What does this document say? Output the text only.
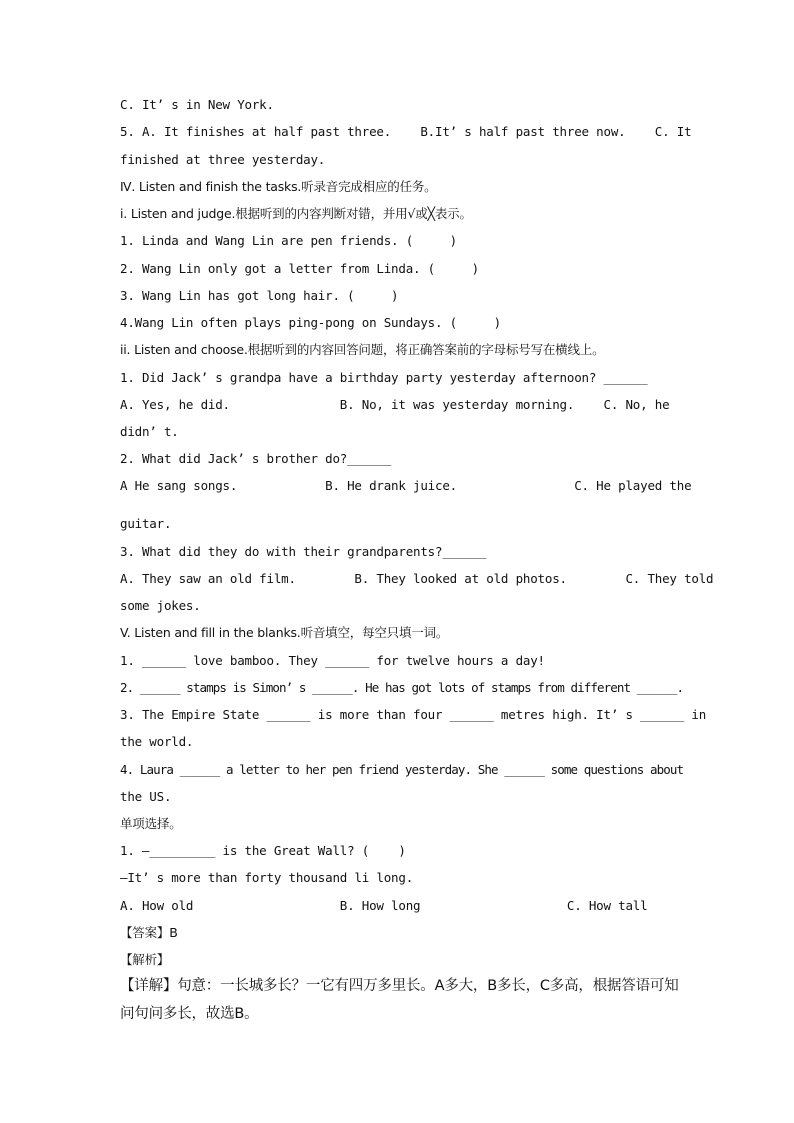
C. It’ s in New York.
5. A. It finishes at half past three.    B.It’ s half past three now.    C. It
finished at three yesterday.
Ⅳ. Listen and finish the tasks.听录音完成相应的任务。
i. Listen and judge.根据听到的内容判断对错，并用√或╳表示。
1. Linda and Wang Lin are pen friends. (     )
2. Wang Lin only got a letter from Linda. (     )
3. Wang Lin has got long hair. (     )
4.Wang Lin often plays ping-pong on Sundays. (     )
ii. Listen and choose.根据听到的内容回答问题，将正确答案前的字母标号写在横线上。
1. Did Jack’ s grandpa have a birthday party yesterday afternoon? ______
A. Yes, he did.               B. No, it was yesterday morning.    C. No, he
didn’ t.
2. What did Jack’ s brother do?______
A He sang songs.            B. He drank juice.                C. He played the
guitar.
3. What did they do with their grandparents?______
A. They saw an old film.        B. They looked at old photos.        C. They told
some jokes.
V. Listen and fill in the blanks.听音填空，每空只填一词。
1. ______ love bamboo. They ______ for twelve hours a day!
2. ______ stamps is Simon’ s ______. He has got lots of stamps from different ______.
3. The Empire State ______ is more than four ______ metres high. It’ s ______ in
the world.
4. Laura ______ a letter to her pen friend yesterday. She ______ some questions about
the US.
单项选择。
1. —_________ is the Great Wall? (    )
—It’ s more than forty thousand li long.
A. How old                    B. How long                    C. How tall
【答案】B
【解析】
【详解】句意：一长城多长？一它有四万多里长。A多大，B多长，C多高，根据答语可知
问句问多长，故选B。
